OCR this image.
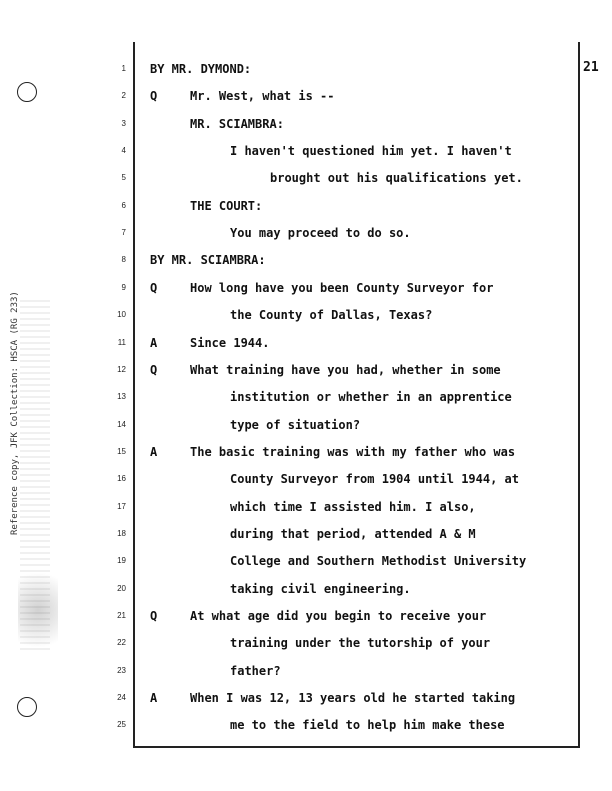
21
Reference copy, JFK Collection: HSCA (RG 233)
1 BY MR. DYMOND:
2 Q	Mr. West, what is --
3	MR. SCIAMBRA:
4	I haven't questioned him yet. I haven't
5	brought out his qualifications yet.
6	THE COURT:
7	You may proceed to do so.
8 BY MR. SCIAMBRA:
9 Q	How long have you been County Surveyor for
10	the County of Dallas, Texas?
11 A	Since 1944.
12 Q	What training have you had, whether in some
13	institution or whether in an apprentice
14	type of situation?
15 A	The basic training was with my father who was
16	County Surveyor from 1904 until 1944, at
17	which time I assisted him. I also,
18	during that period, attended A & M
19	College and Southern Methodist University
20	taking civil engineering.
21 Q	At what age did you begin to receive your
22	training under the tutorship of your
23	father?
24 A	When I was 12, 13 years old he started taking
25	me to the field to help him make these
